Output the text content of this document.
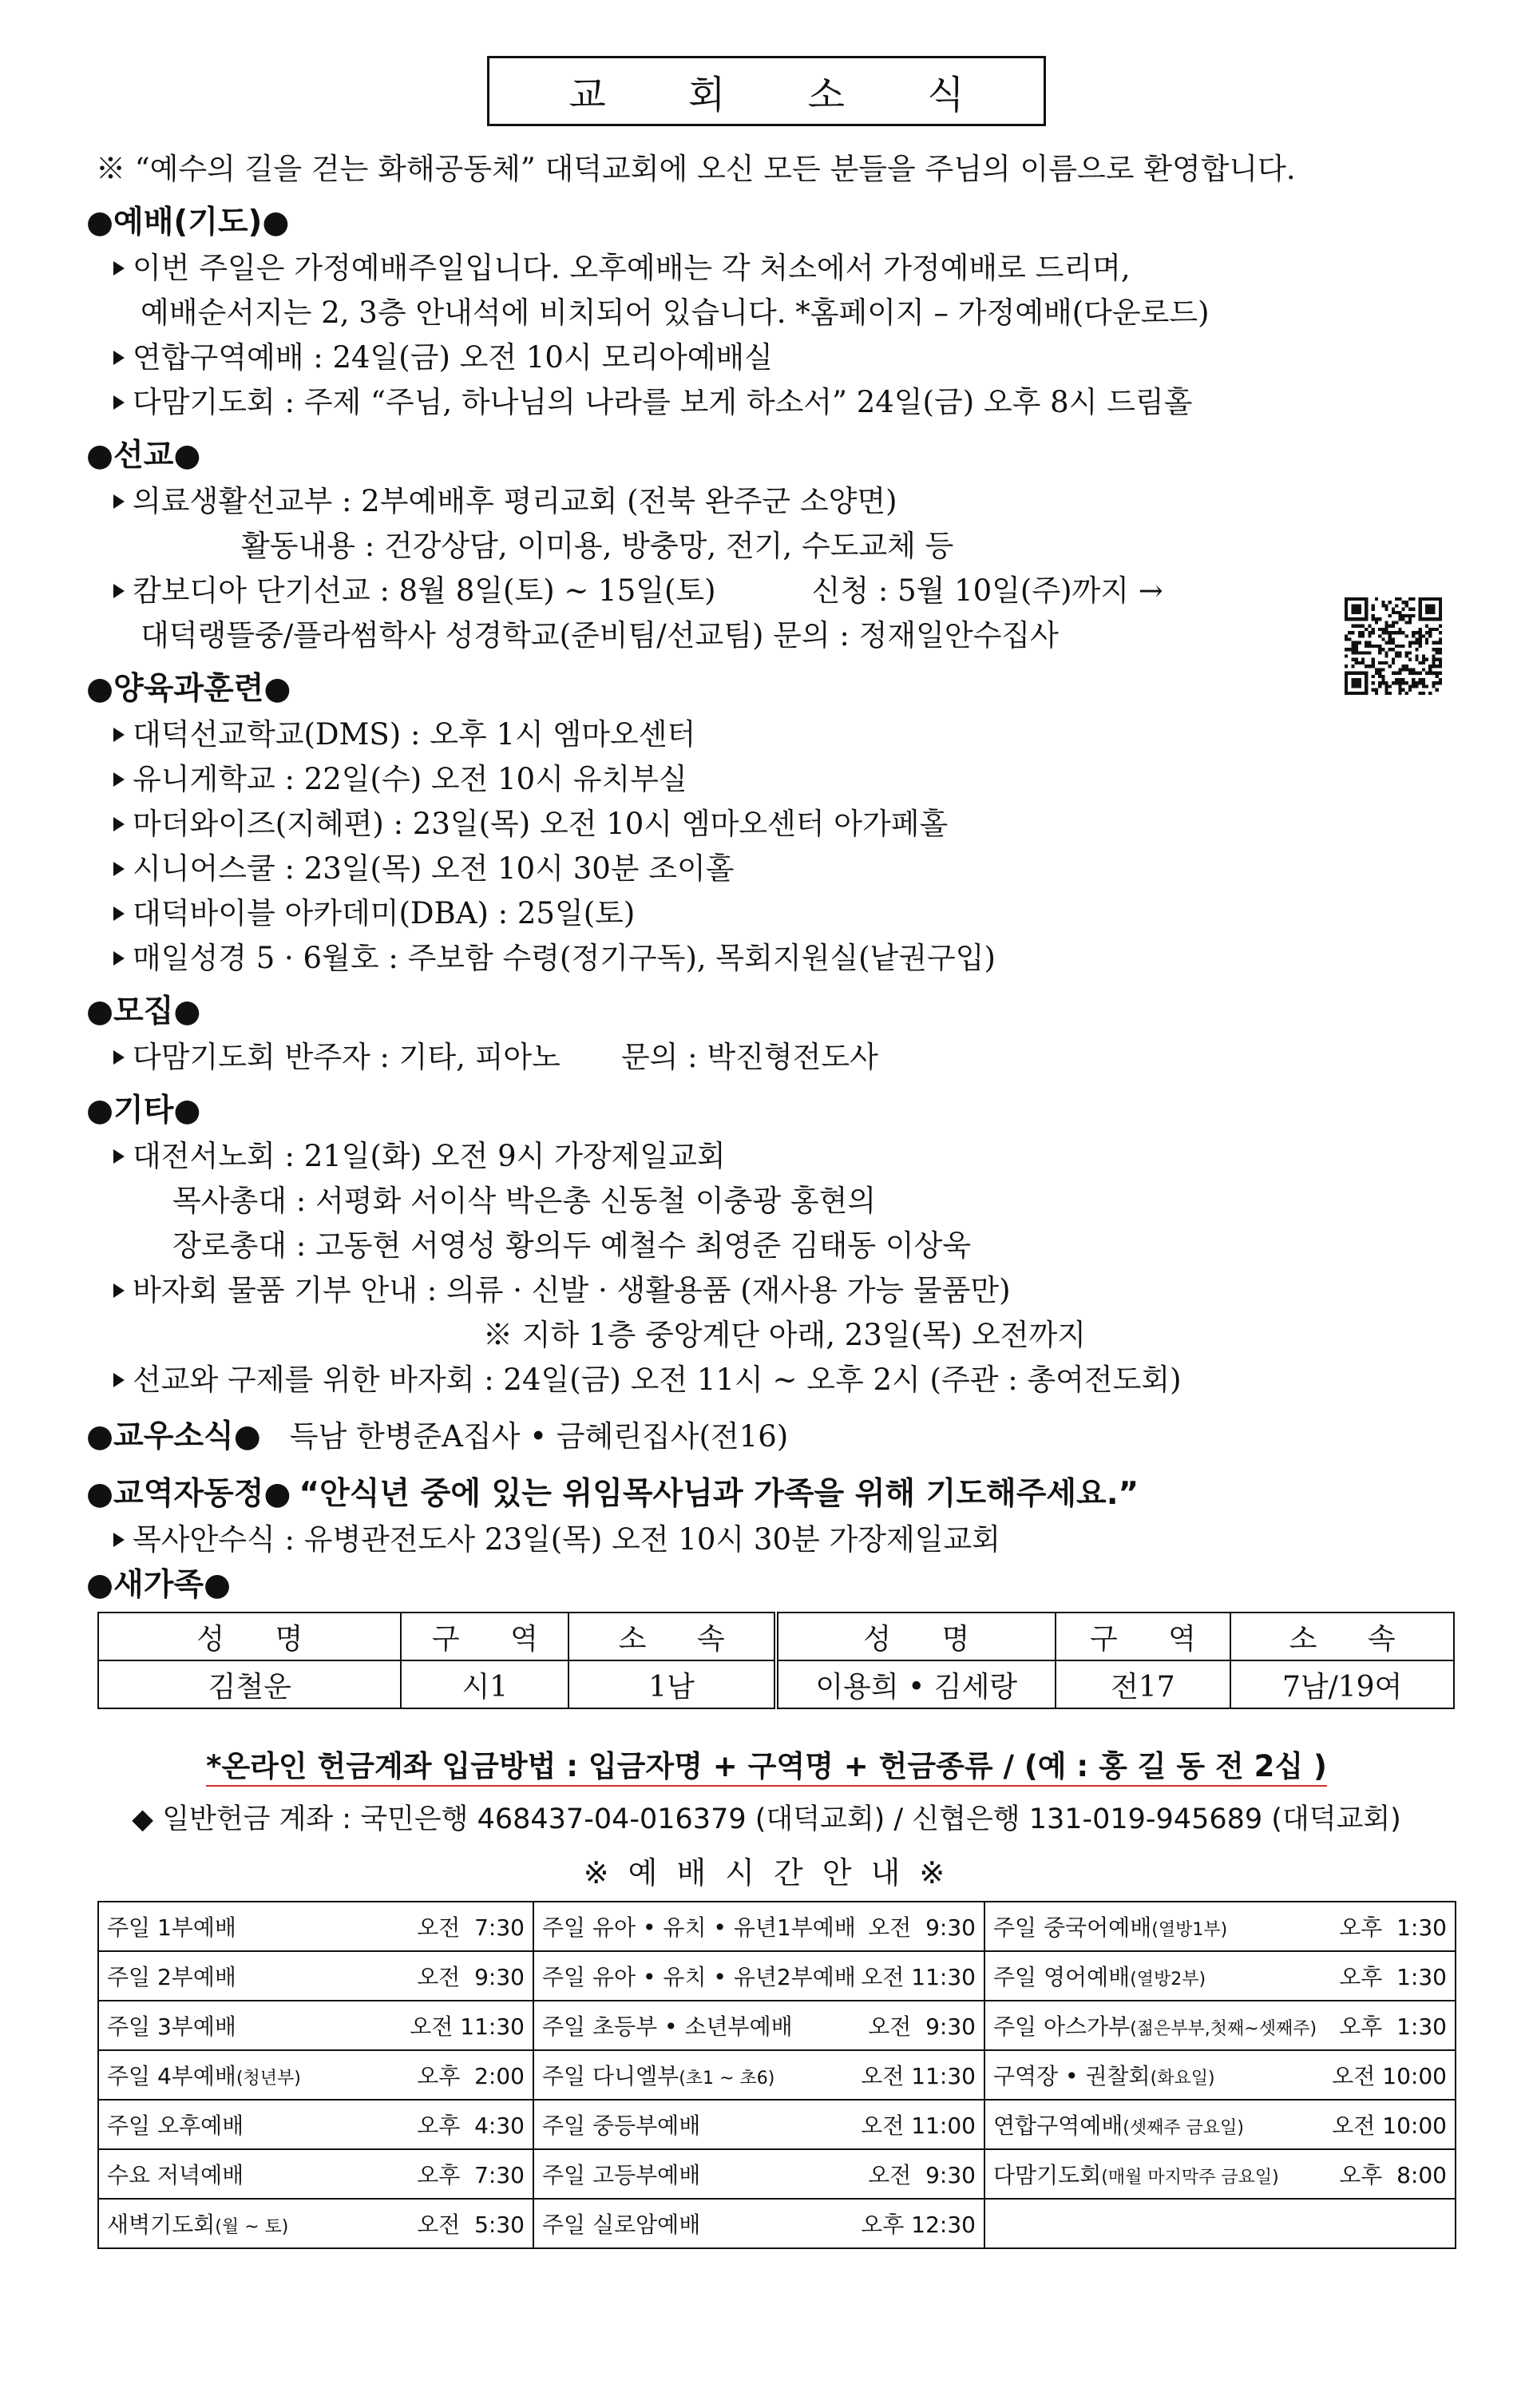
교 회 소 식
※ “예수의 길을 걷는 화해공동체” 대덕교회에 오신 모든 분들을 주님의 이름으로 환영합니다.
●예배(기도)●
이번 주일은 가정예배주일입니다. 오후예배는 각 처소에서 가정예배로 드리며,
예배순서지는 2, 3층 안내석에 비치되어 있습니다. *홈페이지 – 가정예배(다운로드)
연합구역예배 : 24일(금) 오전 10시 모리아예배실
다맘기도회 : 주제 “주님, 하나님의 나라를 보게 하소서” 24일(금) 오후 8시 드림홀
●선교●
의료생활선교부 : 2부예배후 평리교회 (전북 완주군 소양면)
활동내용 : 건강상담, 이미용, 방충망, 전기, 수도교체 등
캄보디아 단기선교 : 8월 8일(토) ~ 15일(토)	신청 : 5월 10일(주)까지 →
대덕랭뜰중/플라썸학사 성경학교(준비팀/선교팀) 문의 : 정재일안수집사
●양육과훈련●
대덕선교학교(DMS) : 오후 1시 엠마오센터
유니게학교 : 22일(수) 오전 10시 유치부실
마더와이즈(지혜편) : 23일(목) 오전 10시 엠마오센터 아가페홀
시니어스쿨 : 23일(목) 오전 10시 30분 조이홀
대덕바이블 아카데미(DBA) : 25일(토)
매일성경 5 · 6월호 : 주보함 수령(정기구독), 목회지원실(낱권구입)
●모집●
다맘기도회 반주자 : 기타, 피아노 문의 : 박진형전도사
●기타●
대전서노회 : 21일(화) 오전 9시 가장제일교회
목사총대 : 서평화 서이삭 박은총 신동철 이충광 홍현의
장로총대 : 고동현 서영성 황의두 예철수 최영준 김태동 이상욱
바자회 물품 기부 안내 : 의류 · 신발 · 생활용품 (재사용 가능 물품만)
※ 지하 1층 중앙계단 아래, 23일(목) 오전까지
선교와 구제를 위한 바자회 : 24일(금) 오전 11시 ~ 오후 2시 (주관 : 총여전도회)
●교우소식● 득남 한병준A집사 • 금혜린집사(전16)
●교역자동정● “안식년 중에 있는 위임목사님과 가족을 위해 기도해주세요.”
목사안수식 : 유병관전도사 23일(목) 오전 10시 30분 가장제일교회
●새가족●
성 명	구 역	소 속	성 명	구 역	소 속
김철운	시1	1남	이용희 • 김세랑	전17	7남/19여
*온라인 헌금계좌 입금방법 : 입금자명 + 구역명 + 헌금종류 / (예 : 홍 길 동 전 2십 )
◆ 일반헌금 계좌 : 국민은행 468437-04-016379 (대덕교회) / 신협은행 131-019-945689 (대덕교회)
※ 예 배 시 간 안 내 ※
주일 1부예배 오전  7:30	주일 유아 • 유치 • 유년1부예배 오전  9:30	주일 중국어예배(열방1부) 오후  1:30

주일 2부예배 오전  9:30	주일 유아 • 유치 • 유년2부예배 오전 11:30	주일 영어예배(열방2부) 오후  1:30

주일 3부예배 오전 11:30	주일 초등부 • 소년부예배 오전  9:30	주일 아스가부(젊은부부,첫째~셋째주) 오후  1:30

주일 4부예배(청년부) 오후  2:00	주일 다니엘부(초1 ~ 초6) 오전 11:30	구역장 • 권찰회(화요일) 오전 10:00

주일 오후예배 오후  4:30	주일 중등부예배 오전 11:00	연합구역예배(셋째주 금요일) 오전 10:00

수요 저녁예배 오후  7:30	주일 고등부예배 오전  9:30	다맘기도회(매월 마지막주 금요일) 오후  8:00

새벽기도회(월 ~ 토) 오전  5:30	주일 실로암예배 오후 12:30	
